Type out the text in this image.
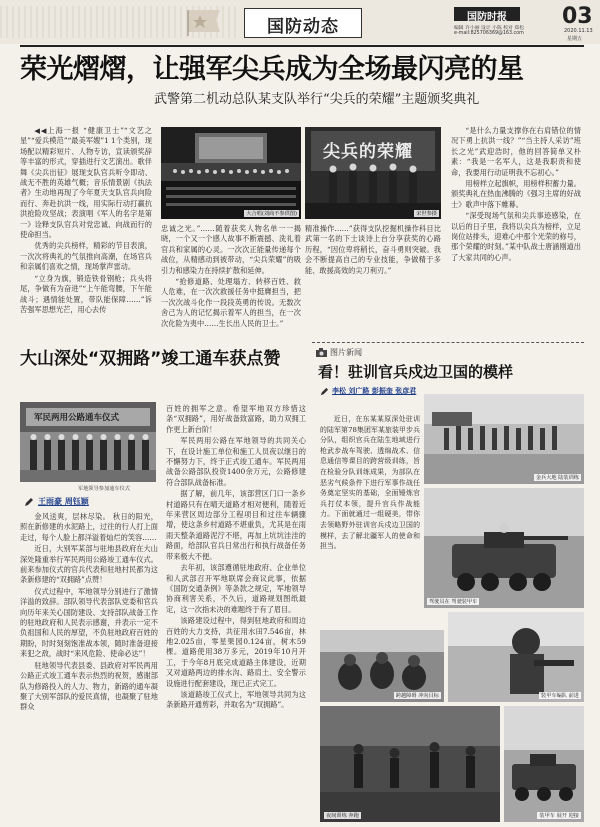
国防动态	国防时报
编辑 许小丽 设计 小陈 校对 郑松
e-mail:825706369@163.com
03
2020.11.13
星期五
荣光熠熠，让强军尖兵成为全场最闪亮的星
武警第二机动总队某支队举行“尖兵的荣耀”主题颁奖典礼

◀◀上海一报 “健康卫士”“文艺之星”“爱兵模范”“最美军嫂”1 1个类别，现场配以精彩短片、人物专访，宣读颁奖辞等丰富的形式，穿插进行文艺演出。歌伴舞《尖兵出征》展现支队官兵听令即动、战无不胜的英雄气概；音乐情景剧《执法者》生动地再现了今年夏天支队官兵向险而行、奔赴抗洪一线，用实际行动打赢抗洪抢险攻坚战；表演唱《军人的名字是第一》诠释支队官兵对党忠诚、向战而行的使命担当。

优秀的尖兵榜样，精彩的节目表演，一次次将典礼的气氛推向高潮，在场官兵和亲属们喜欢之情，现场掌声雷动。

“立身为旗，锻造铁骨钢枪；兵头将尾，争做有为奋进”“上午能弯腰，下午能战斗；遇情能处置，带队能保障……”诉苦强军思想光芒，用心去传

大合唱(刘商不参供图)
尖兵的荣耀
宋世参摄

忠诚之光。”……随着获奖人物名单一一揭晓，一个又一个感人故事不断震撼、洗礼着官兵和家属的心灵。一次次正能量传递每个战位，从精感动到被带动，“尖兵荣耀”的吸引力和感染力在持续扩散和延伸。

“抢修道路、处理塌方、转移百姓、救人危难，在一次次救援任务中挺膺担当，把一次次战斗化作一段段英勇的传说。无数次舍己为人的记忆揭示着军人的担当，在一次次化险为夷中……生长出人民的卫士。”

精准操作……”获得支队挖掘机操作科目比武第一名的下士谈诗上台分享获奖的心路历程，“因位卑将稍长，奋斗勇则突破。我会不断提高自己的专业技能，争做精于多能、敢援高效的尖刀利刃。”

“是什么力量支撑你在右肩错位的情况下勇上抗洪一线？”“当主持人采访”班长之光”武迎浩时，他的回答简单又朴素：“我是一名军人，这是我职责和使命，我要用行动证明我不忘初心。”

用榜样立起旗帜，用榜样积蓄力量。颁奖典礼在热血沸腾的《强习主席的好战士》歌声中落下帷幕。

“深受现场气氛和尖兵事迹感染，在以后的日子里，我将以尖兵为榜样，立足岗位站排头，迎难心中那个光荣的称号，那个荣耀的时刻。”某中队战士唐涵刚道出了大家共同的心声。

大山深处“双拥路”竣工通车获点赞
军民两用公路通车仪式
军地领导参加通车仪式
王雨豪 周钰颖

金风送爽，层林尽染。 秋日的阳光，照在新修建的水泥路上，过往的行人打上面走过，每个人脸上都洋溢着灿烂的笑容……

近日，大别军某部与驻地县政府在大山深处隆重举行军民两用公路竣工通车仪式。前来参加仪式的官兵代表和驻地村民都为这条新修建的“双拥路”点赞！

仪式过程中，军地领导分别进行了激情洋溢的致辞。部队领导代表部队党委和官兵向历年来关心国防建设、支持部队战备工作的驻地政府和人民表示感谢，并表示一定不负祖国和人民的厚望，不负驻地政府百姓的期盼，时时刻刻饱准战本领，随时准备迎接来犯之敌，战时“来风危险、使命必达”！

驻地领导代表县委、县政府对军民两用公路正式竣工通车表示热烈的祝贺，感谢部队为修路投入的人力、物力，新路的通车凝聚了大别军部队的爱民真情，也凝聚了驻地群众

百姓的拥军之意。希望军地双方珍惜这条“双拥路”，用好战备致富路，助力双拥工作更上新台阶！

军民两用公路在军地领导的共同关心下，在设计施工单位和施工人员夜以继日的不懈努力下，终于正式竣工通车。军民两用战备公路部队投资1400余万元，公路修建符合部队战备标准。

据了解，前几年，该部营区门口一条乡村道路只有在晴天道路才相对便利，随着近年来营区周边部分工程项目和过往车辆骤增，使这条乡村道路不堪重负，尤其是在雨雨天整条道路泥泞不堪，再加上坑坑洼洼的路面，给部队官兵日常出行和执行战备任务带来极大不便。

去年初，该部遵循驻地政府、企业单位和人武部召开军地联席会商议此事，依据《国防交通条例》等条款之规定，军地领导协商利害关系，不久后，道路规划图纸最定，这一次指未决的难题终于有了眉目。

该路建设过程中，得到驻地政府和周边百姓的大力支持，共征用水田7.546亩，林地2.025亩，零星果园0.124亩，树木59棵。道路使用38万多元，2019年10月开工，于今年8月底完成道路主体建设，近期又对道路两边的排水沟、路肩土、安全警示设施进行配套建设，现已正式完工。

该道路竣工仪式上，军地领导共同为这条新路开通剪彩，并取名为“双拥路”。

图片新闻
看！驻训官兵戍边卫国的模样
李松 刘广路 彭振奎 张彦君

近日，在东某某原深处驻训的陆军第78集团军某旅装甲步兵分队，组织官兵在陆生地域进行枪武步战车驾驶、透绵战术、信息通信等课目的跨营级训练，旨在检验分队训练成果，为部队在恶劣气候条件下进行军事作战任务奠定坚实的基础，全面锤炼官兵打仗本领，提升官兵作战能力。下面就通过一组硬美，带你去领略野外驻训官兵戍边卫国的模样，去了解北疆军人的使命和担当。

金兵大地 陆装训练
驾驶员在 驾驶装甲车
跨越障碍 冲向目标	装甲车编队 前进
夜间训练 奔跑	装甲车 展开 迎接
